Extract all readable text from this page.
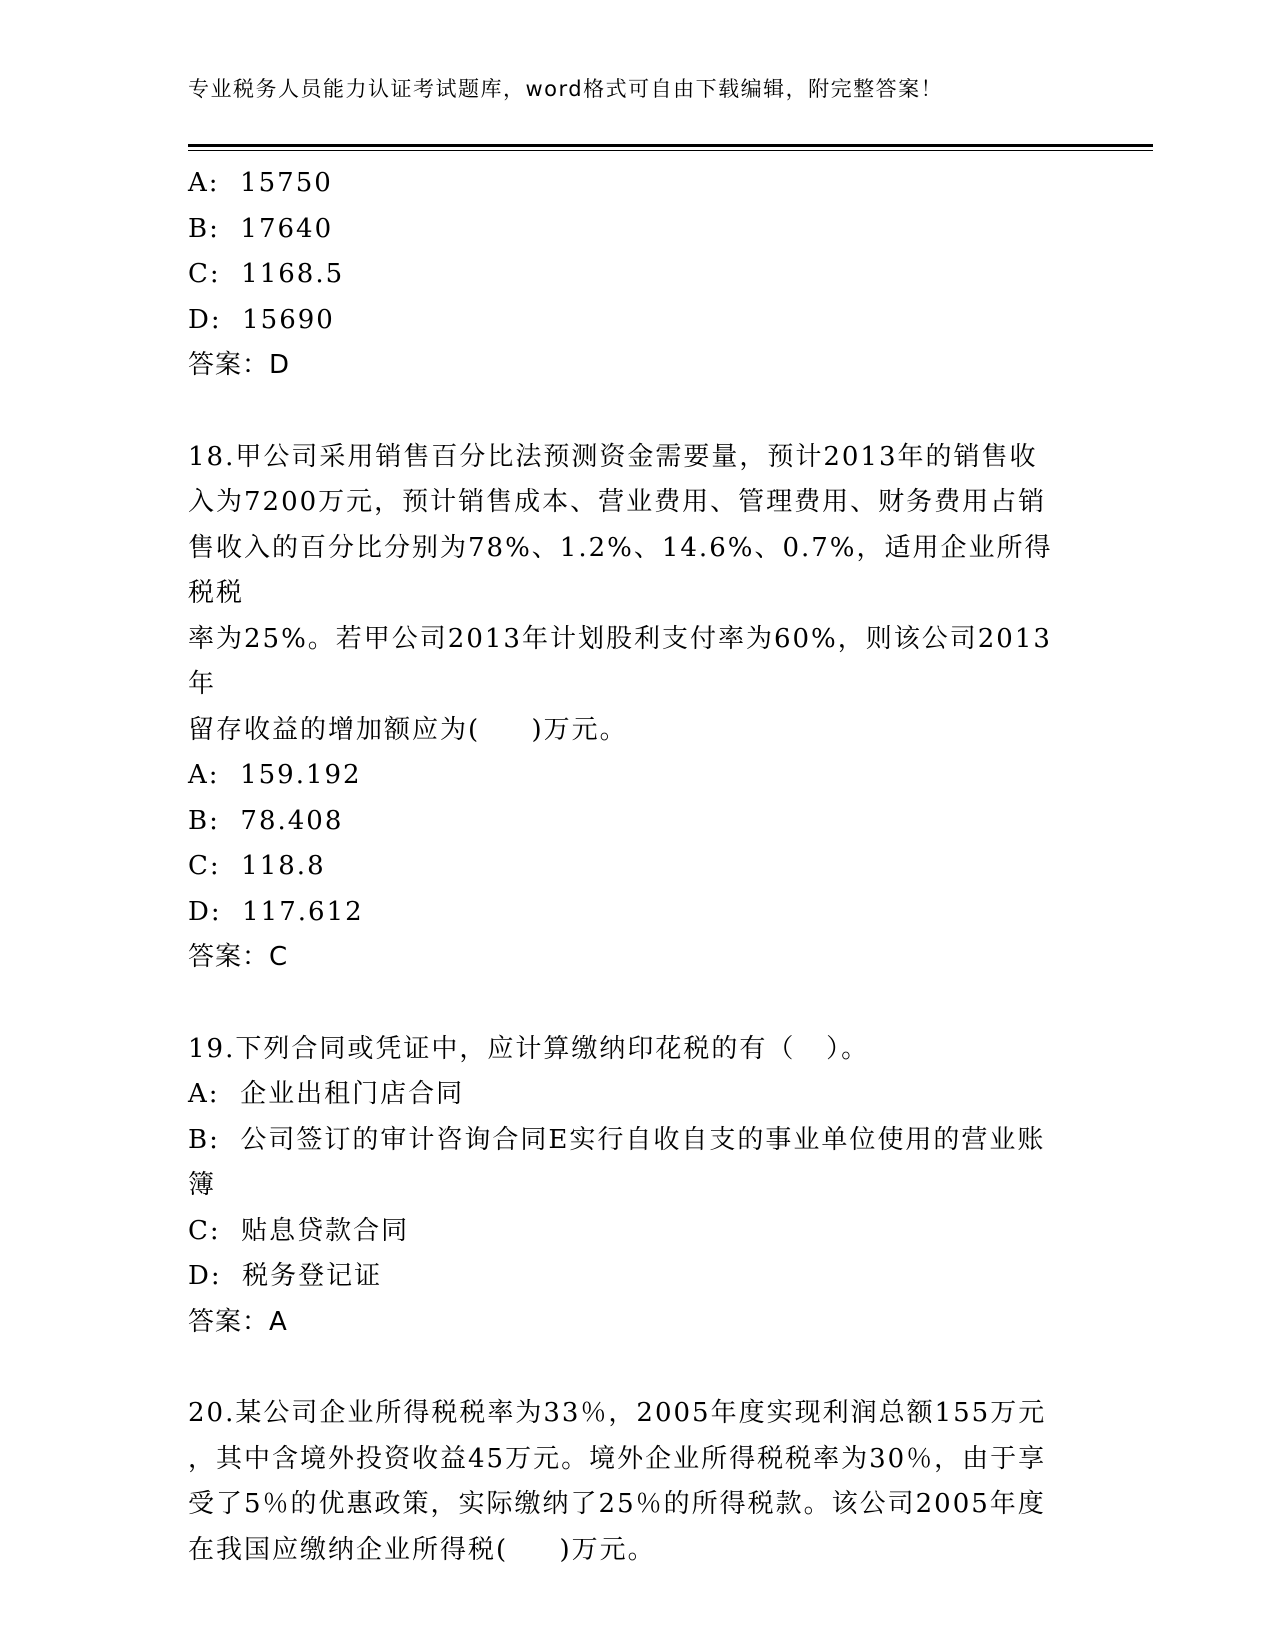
专业税务人员能力认证考试题库，word格式可自由下载编辑，附完整答案！
A:  15750
B:  17640
C:  1168.5
D:  15690
答案：D
18.甲公司采用销售百分比法预测资金需要量，预计2013年的销售收
入为7200万元，预计销售成本、营业费用、管理费用、财务费用占销
售收入的百分比分别为78%、1.2%、14.6%、0.7%，适用企业所得税税
率为25%。若甲公司2013年计划股利支付率为60%，则该公司2013年
留存收益的增加额应为(     )万元。
A:  159.192
B:  78.408
C:  118.8
D:  117.612
答案：C
19.下列合同或凭证中，应计算缴纳印花税的有（   ）。
A:  企业出租门店合同
B:  公司签订的审计咨询合同E实行自收自支的事业单位使用的营业账
簿
C:  贴息贷款合同
D:  税务登记证
答案：A
20.某公司企业所得税税率为33％，2005年度实现利润总额155万元
，其中含境外投资收益45万元。境外企业所得税税率为30％，由于享
受了5％的优惠政策，实际缴纳了25％的所得税款。该公司2005年度
在我国应缴纳企业所得税(     )万元。
